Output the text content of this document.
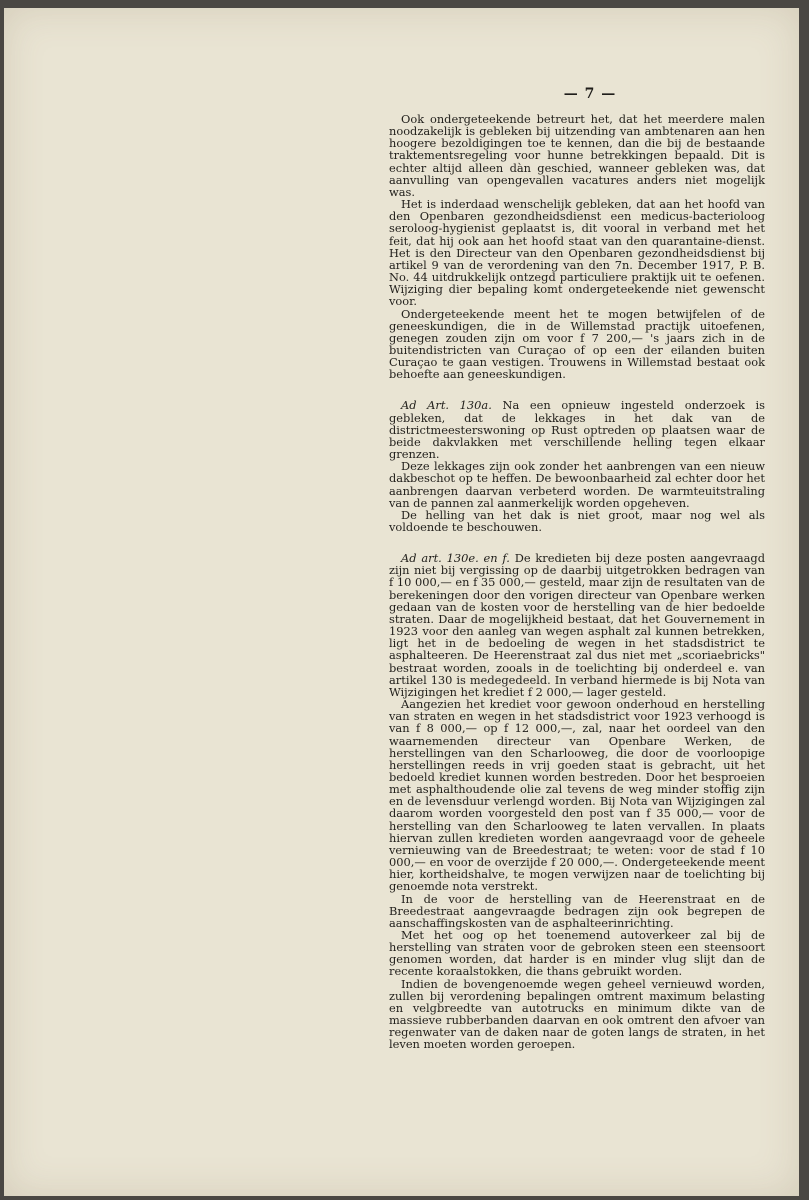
— 7 —

Ook ondergeteekende betreurt het, dat het meerdere malen noodzakelijk is gebleken bij uitzending van ambtenaren aan hen hoogere bezoldigingen toe te kennen, dan die bij de bestaande traktementsregeling voor hunne betrekkingen bepaald. Dit is echter altijd alleen dàn geschied, wanneer gebleken was, dat aanvulling van opengevallen vacatures anders niet mogelijk was.

Het is inderdaad wenschelijk gebleken, dat aan het hoofd van den Openbaren gezondheidsdienst een medicus-bacterioloog seroloog-hygienist geplaatst is, dit vooral in verband met het feit, dat hij ook aan het hoofd staat van den quarantaine-dienst. Het is den Directeur van den Openbaren gezondheidsdienst bij artikel 9 van de verordening van den 7n. December 1917, P. B. No. 44 uitdrukkelijk ontzegd particuliere praktijk uit te oefenen. Wijziging dier bepaling komt ondergeteekende niet gewenscht voor.

Ondergeteekende meent het te mogen betwijfelen of de geneeskundigen, die in de Willemstad practijk uitoefenen, genegen zouden zijn om voor f 7 200,— 's jaars zich in de buitendistricten van Curaçao of op een der eilanden buiten Curaçao te gaan vestigen. Trouwens in Willemstad bestaat ook behoefte aan geneeskundigen.

Ad Art. 130a. Na een opnieuw ingesteld onderzoek is gebleken, dat de lekkages in het dak van de districtmeesterswoning op Rust optreden op plaatsen waar de beide dakvlakken met verschillende helling tegen elkaar grenzen.

Deze lekkages zijn ook zonder het aanbrengen van een nieuw dakbeschot op te heffen. De bewoonbaarheid zal echter door het aanbrengen daarvan verbeterd worden. De warmteuitstraling van de pannen zal aanmerkelijk worden opgeheven.

De helling van het dak is niet groot, maar nog wel als voldoende te beschouwen.

Ad art. 130e. en f. De kredieten bij deze posten aangevraagd zijn niet bij vergissing op de daarbij uitgetrokken bedragen van f 10 000,— en f 35 000,— gesteld, maar zijn de resultaten van de berekeningen door den vorigen directeur van Openbare werken gedaan van de kosten voor de herstelling van de hier bedoelde straten. Daar de mogelijkheid bestaat, dat het Gouvernement in 1923 voor den aanleg van wegen asphalt zal kunnen betrekken, ligt het in de bedoeling de wegen in het stadsdistrict te asphalteeren. De Heerenstraat zal dus niet met „scoriaebricks" bestraat worden, zooals in de toelichting bij onderdeel e. van artikel 130 is medegedeeld. In verband hiermede is bij Nota van Wijzigingen het krediet f 2 000,— lager gesteld.

Aangezien het krediet voor gewoon onderhoud en herstelling van straten en wegen in het stadsdistrict voor 1923 verhoogd is van f 8 000,— op f 12 000,—, zal, naar het oordeel van den waarnemenden directeur van Openbare Werken, de herstellingen van den Scharlooweg, die door de voorloopige herstellingen reeds in vrij goeden staat is gebracht, uit het bedoeld krediet kunnen worden bestreden. Door het besproeien met asphalthoudende olie zal tevens de weg minder stoffig zijn en de levensduur verlengd worden. Bij Nota van Wijzigingen zal daarom worden voorgesteld den post van f 35 000,— voor de herstelling van den Scharlooweg te laten vervallen. In plaats hiervan zullen kredieten worden aangevraagd voor de geheele vernieuwing van de Breedestraat; te weten: voor de stad f 10 000,— en voor de overzijde f 20 000,—. Ondergeteekende meent hier, kortheidshalve, te mogen verwijzen naar de toelichting bij genoemde nota verstrekt.

In de voor de herstelling van de Heerenstraat en de Breedestraat aangevraagde bedragen zijn ook begrepen de aanschaffingskosten van de asphalteerinrichting.

Met het oog op het toenemend autoverkeer zal bij de herstelling van straten voor de gebroken steen een steensoort genomen worden, dat harder is en minder vlug slijt dan de recente koraalstokken, die thans gebruikt worden.

Indien de bovengenoemde wegen geheel vernieuwd worden, zullen bij verordening bepalingen omtrent maximum belasting en velgbreedte van autotrucks en minimum dikte van de massieve rubberbanden daarvan en ook omtrent den afvoer van regenwater van de daken naar de goten langs de straten, in het leven moeten worden geroepen.
